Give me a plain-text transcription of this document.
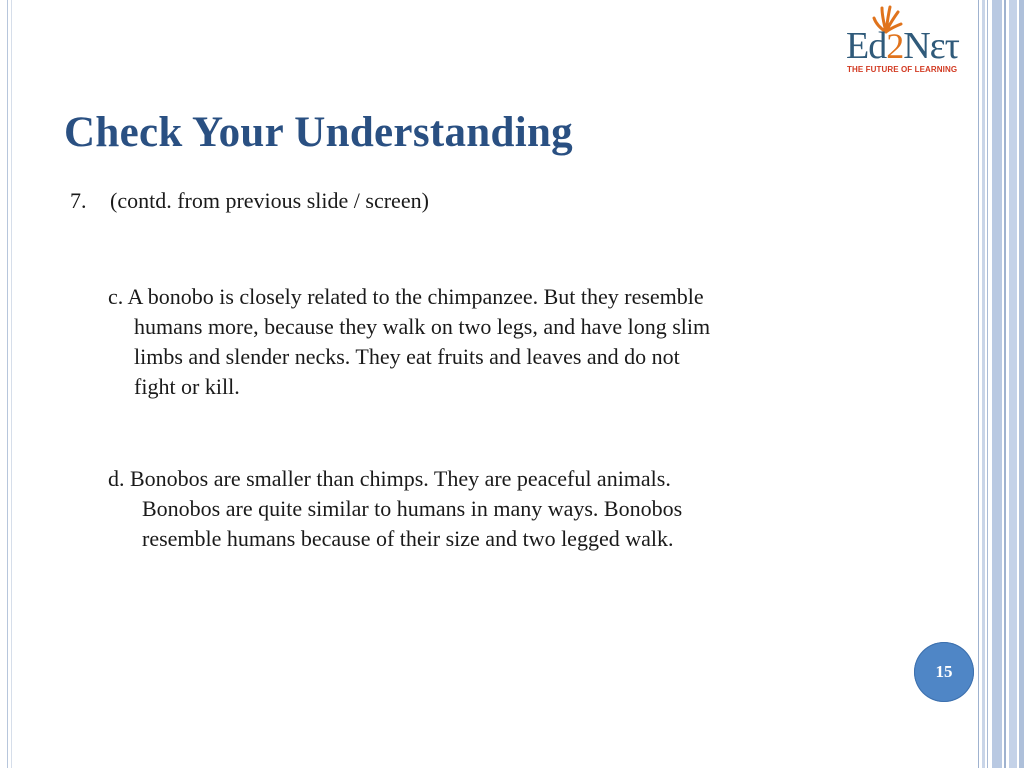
Ed2Nετ
THE FUTURE OF LEARNING
Check Your Understanding
7. (contd. from previous slide / screen)
c. A bonobo is closely related to the chimpanzee. But they resemble
humans more, because they walk on two legs, and have long slim
limbs and slender necks. They eat fruits and leaves and do not
fight or kill.
d. Bonobos are smaller than chimps. They are peaceful animals.
Bonobos are quite similar to humans in many ways. Bonobos
resemble humans because of their size and two legged walk.
15
